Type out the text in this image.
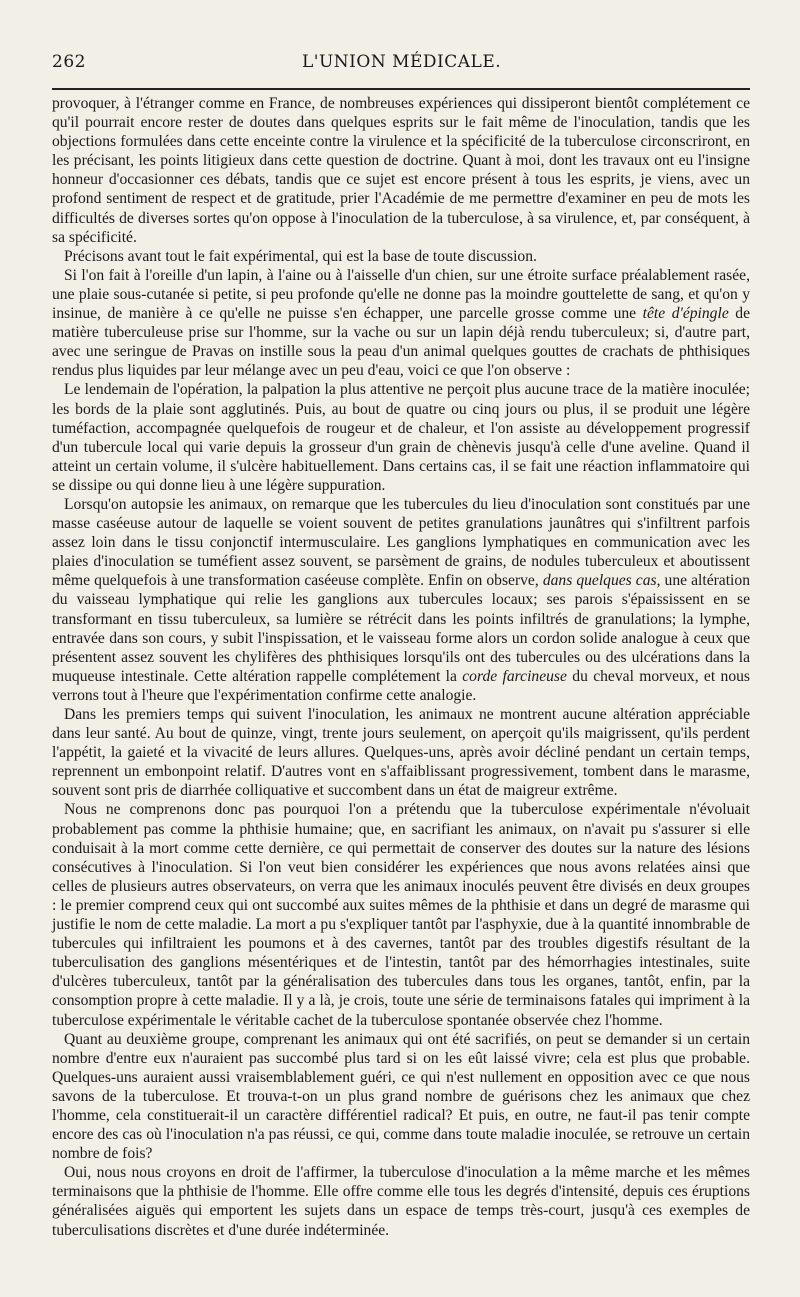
262	L'UNION MÉDICALE.

provoquer, à l'étranger comme en France, de nombreuses expériences qui dissiperont bientôt complétement ce qu'il pourrait encore rester de doutes dans quelques esprits sur le fait même de l'inoculation, tandis que les objections formulées dans cette enceinte contre la virulence et la spécificité de la tuberculose circonscriront, en les précisant, les points litigieux dans cette question de doctrine. Quant à moi, dont les travaux ont eu l'insigne honneur d'occasionner ces débats, tandis que ce sujet est encore présent à tous les esprits, je viens, avec un profond sentiment de respect et de gratitude, prier l'Académie de me permettre d'examiner en peu de mots les difficultés de diverses sortes qu'on oppose à l'inoculation de la tuberculose, à sa virulence, et, par conséquent, à sa spécificité.

Précisons avant tout le fait expérimental, qui est la base de toute discussion.

Si l'on fait à l'oreille d'un lapin, à l'aine ou à l'aisselle d'un chien, sur une étroite surface préalablement rasée, une plaie sous-cutanée si petite, si peu profonde qu'elle ne donne pas la moindre gouttelette de sang, et qu'on y insinue, de manière à ce qu'elle ne puisse s'en échapper, une parcelle grosse comme une tête d'épingle de matière tuberculeuse prise sur l'homme, sur la vache ou sur un lapin déjà rendu tuberculeux; si, d'autre part, avec une seringue de Pravas on instille sous la peau d'un animal quelques gouttes de crachats de phthisiques rendus plus liquides par leur mélange avec un peu d'eau, voici ce que l'on observe :

Le lendemain de l'opération, la palpation la plus attentive ne perçoit plus aucune trace de la matière inoculée; les bords de la plaie sont agglutinés. Puis, au bout de quatre ou cinq jours ou plus, il se produit une légère tuméfaction, accompagnée quelquefois de rougeur et de chaleur, et l'on assiste au développement progressif d'un tubercule local qui varie depuis la grosseur d'un grain de chènevis jusqu'à celle d'une aveline. Quand il atteint un certain volume, il s'ulcère habituellement. Dans certains cas, il se fait une réaction inflammatoire qui se dissipe ou qui donne lieu à une légère suppuration.

Lorsqu'on autopsie les animaux, on remarque que les tubercules du lieu d'inoculation sont constitués par une masse caséeuse autour de laquelle se voient souvent de petites granulations jaunâtres qui s'infiltrent parfois assez loin dans le tissu conjonctif intermusculaire. Les ganglions lymphatiques en communication avec les plaies d'inoculation se tuméfient assez souvent, se parsèment de grains, de nodules tuberculeux et aboutissent même quelquefois à une transformation caséeuse complète. Enfin on observe, dans quelques cas, une altération du vaisseau lymphatique qui relie les ganglions aux tubercules locaux; ses parois s'épaississent en se transformant en tissu tuberculeux, sa lumière se rétrécit dans les points infiltrés de granulations; la lymphe, entravée dans son cours, y subit l'inspissation, et le vaisseau forme alors un cordon solide analogue à ceux que présentent assez souvent les chylifères des phthisiques lorsqu'ils ont des tubercules ou des ulcérations dans la muqueuse intestinale. Cette altération rappelle complétement la corde farcineuse du cheval morveux, et nous verrons tout à l'heure que l'expérimentation confirme cette analogie.

Dans les premiers temps qui suivent l'inoculation, les animaux ne montrent aucune altération appréciable dans leur santé. Au bout de quinze, vingt, trente jours seulement, on aperçoit qu'ils maigrissent, qu'ils perdent l'appétit, la gaieté et la vivacité de leurs allures. Quelques-uns, après avoir décliné pendant un certain temps, reprennent un embonpoint relatif. D'autres vont en s'affaiblissant progressivement, tombent dans le marasme, souvent sont pris de diarrhée colliquative et succombent dans un état de maigreur extrême.

Nous ne comprenons donc pas pourquoi l'on a prétendu que la tuberculose expérimentale n'évoluait probablement pas comme la phthisie humaine; que, en sacrifiant les animaux, on n'avait pu s'assurer si elle conduisait à la mort comme cette dernière, ce qui permettait de conserver des doutes sur la nature des lésions consécutives à l'inoculation. Si l'on veut bien considérer les expériences que nous avons relatées ainsi que celles de plusieurs autres observateurs, on verra que les animaux inoculés peuvent être divisés en deux groupes : le premier comprend ceux qui ont succombé aux suites mêmes de la phthisie et dans un degré de marasme qui justifie le nom de cette maladie. La mort a pu s'expliquer tantôt par l'asphyxie, due à la quantité innombrable de tubercules qui infiltraient les poumons et à des cavernes, tantôt par des troubles digestifs résultant de la tuberculisation des ganglions mésentériques et de l'intestin, tantôt par des hémorrhagies intestinales, suite d'ulcères tuberculeux, tantôt par la généralisation des tubercules dans tous les organes, tantôt, enfin, par la consomption propre à cette maladie. Il y a là, je crois, toute une série de terminaisons fatales qui impriment à la tuberculose expérimentale le véritable cachet de la tuberculose spontanée observée chez l'homme.

Quant au deuxième groupe, comprenant les animaux qui ont été sacrifiés, on peut se demander si un certain nombre d'entre eux n'auraient pas succombé plus tard si on les eût laissé vivre; cela est plus que probable. Quelques-uns auraient aussi vraisemblablement guéri, ce qui n'est nullement en opposition avec ce que nous savons de la tuberculose. Et trouva-t-on un plus grand nombre de guérisons chez les animaux que chez l'homme, cela constituerait-il un caractère différentiel radical? Et puis, en outre, ne faut-il pas tenir compte encore des cas où l'inoculation n'a pas réussi, ce qui, comme dans toute maladie inoculée, se retrouve un certain nombre de fois?

Oui, nous nous croyons en droit de l'affirmer, la tuberculose d'inoculation a la même marche et les mêmes terminaisons que la phthisie de l'homme. Elle offre comme elle tous les degrés d'intensité, depuis ces éruptions généralisées aiguës qui emportent les sujets dans un espace de temps très-court, jusqu'à ces exemples de tuberculisations discrètes et d'une durée indéterminée.
